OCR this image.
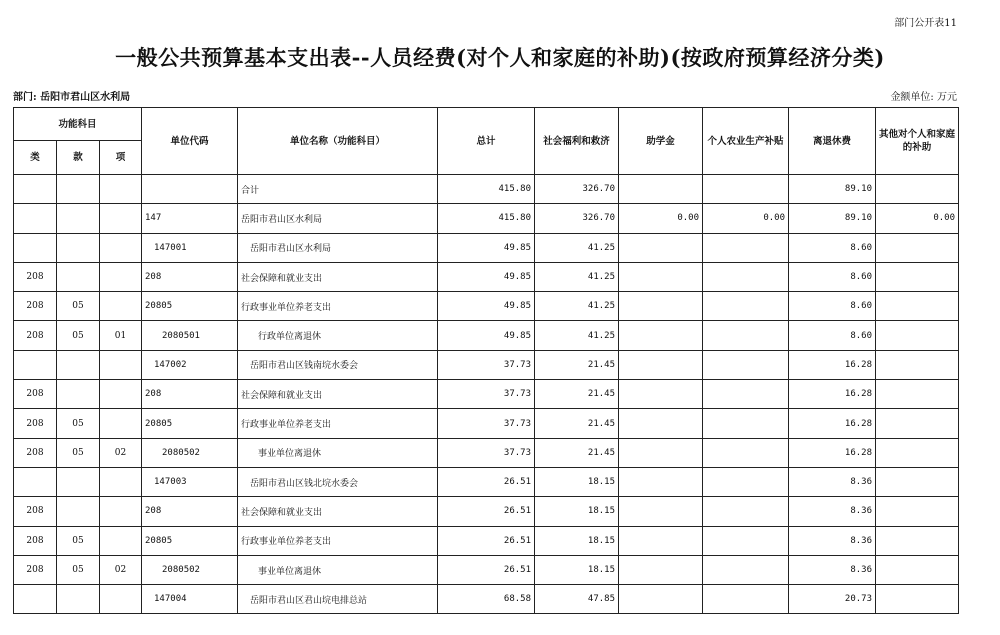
部门公开表11
一般公共预算基本支出表--人员经费(对个人和家庭的补助)(按政府预算经济分类)
部门: 岳阳市君山区水利局	金额单位: 万元
功能科目			单位代码	单位名称（功能科目）	总计	社会福利和救济	助学金	个人农业生产补贴	离退休费	其他对个人和家庭的补助
类	款	项								
				合计	415.80	326.70			89.10	
			147	岳阳市君山区水利局	415.80	326.70	0.00	0.00	89.10	0.00
			147001	岳阳市君山区水利局	49.85	41.25			8.60	
208			208	社会保障和就业支出	49.85	41.25			8.60	
208	05		20805	行政事业单位养老支出	49.85	41.25			8.60	
208	05	01	2080501	行政单位离退休	49.85	41.25			8.60	
			147002	岳阳市君山区钱南垸水委会	37.73	21.45			16.28	
208			208	社会保障和就业支出	37.73	21.45			16.28	
208	05		20805	行政事业单位养老支出	37.73	21.45			16.28	
208	05	02	2080502	事业单位离退休	37.73	21.45			16.28	
			147003	岳阳市君山区钱北垸水委会	26.51	18.15			8.36	
208			208	社会保障和就业支出	26.51	18.15			8.36	
208	05		20805	行政事业单位养老支出	26.51	18.15			8.36	
208	05	02	2080502	事业单位离退休	26.51	18.15			8.36	
			147004	岳阳市君山区君山垸电排总站	68.58	47.85			20.73	
